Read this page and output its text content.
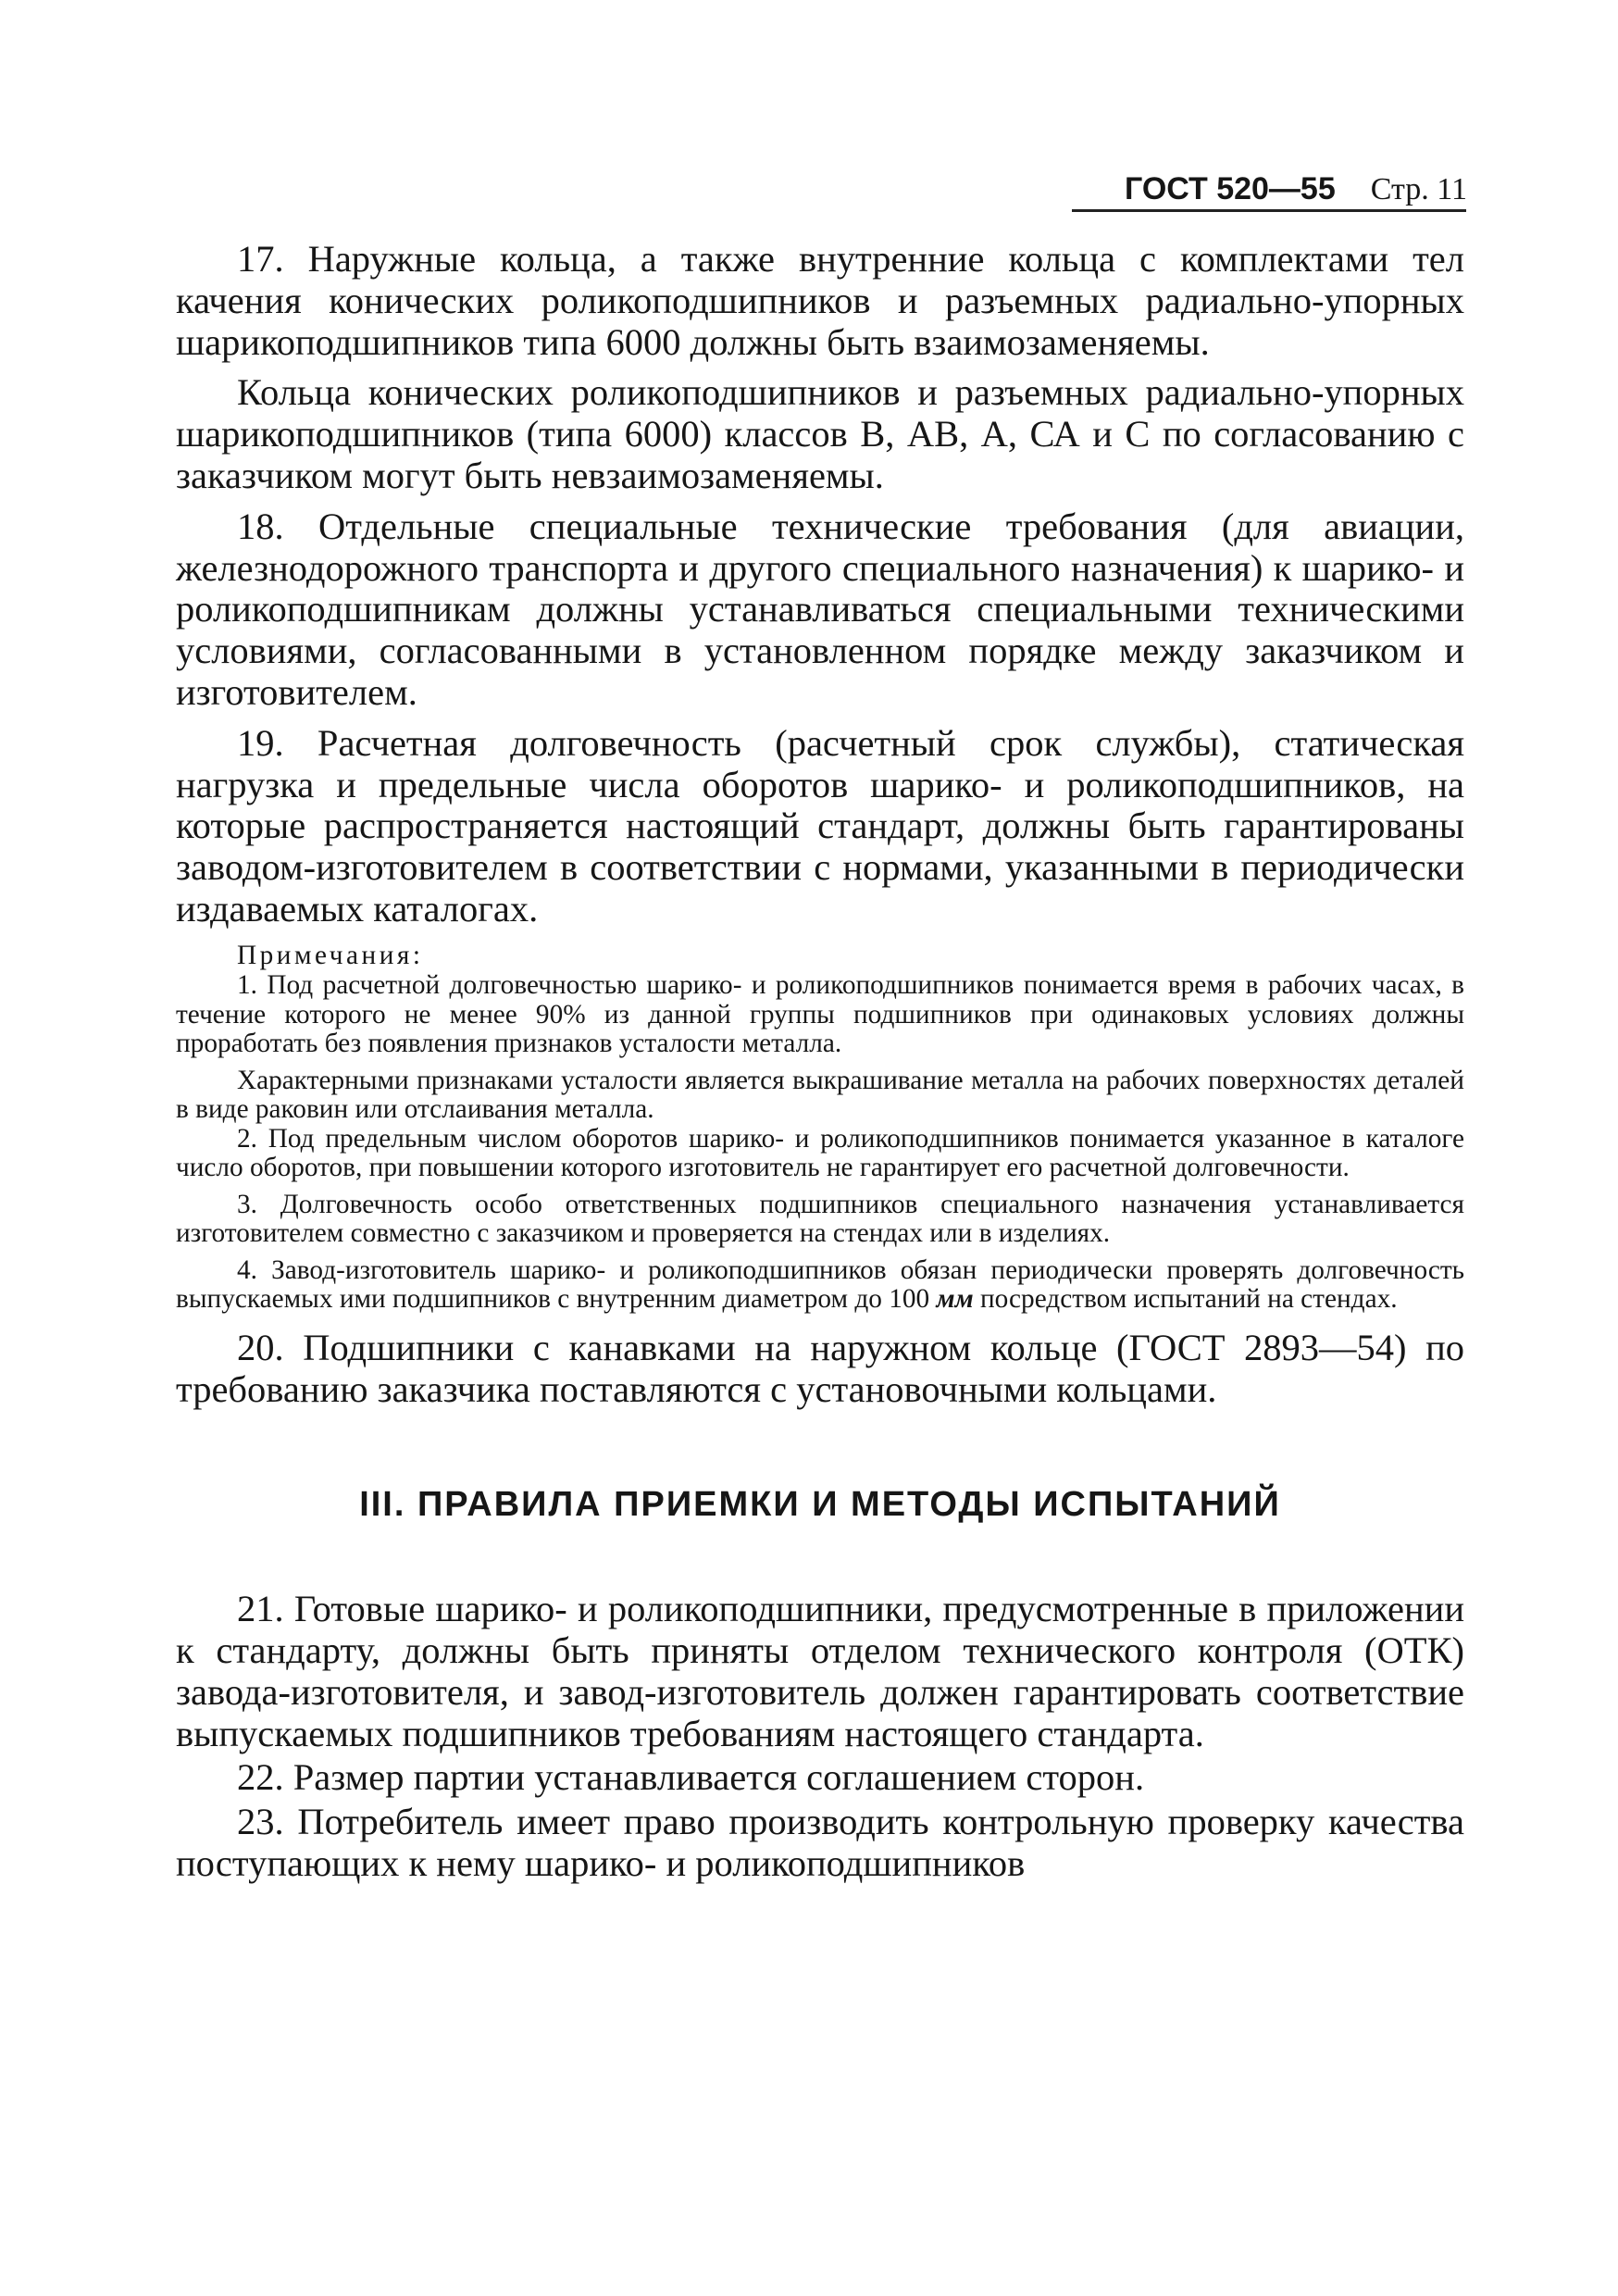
ГОСТ 520—55 Стр. 11

17. Наружные кольца, а также внутренние кольца с комплектами тел качения конических роликоподшипников и разъемных радиально-упорных шарикоподшипников типа 6000 должны быть взаимозаменяемы.

Кольца конических роликоподшипников и разъемных радиально-упорных шарикоподшипников (типа 6000) классов В, АВ, А, СА и С по согласованию с заказчиком могут быть невзаимозаменяемы.

18. Отдельные специальные технические требования (для авиации, железнодорожного транспорта и другого специального назначения) к шарико- и роликоподшипникам должны устанавливаться специальными техническими условиями, согласованными в установленном порядке между заказчиком и изготовителем.

19. Расчетная долговечность (расчетный срок службы), статическая нагрузка и предельные числа оборотов шарико- и роликоподшипников, на которые распространяется настоящий стандарт, должны быть гарантированы заводом-изготовителем в соответствии с нормами, указанными в периодически издаваемых каталогах.

Примечания:

1. Под расчетной долговечностью шарико- и роликоподшипников понимается время в рабочих часах, в течение которого не менее 90% из данной группы подшипников при одинаковых условиях должны проработать без появления признаков усталости металла.

Характерными признаками усталости является выкрашивание металла на рабочих поверхностях деталей в виде раковин или отслаивания металла.

2. Под предельным числом оборотов шарико- и роликоподшипников понимается указанное в каталоге число оборотов, при повышении которого изготовитель не гарантирует его расчетной долговечности.

3. Долговечность особо ответственных подшипников специального назначения устанавливается изготовителем совместно с заказчиком и проверяется на стендах или в изделиях.

4. Завод-изготовитель шарико- и роликоподшипников обязан периодически проверять долговечность выпускаемых ими подшипников с внутренним диаметром до 100 мм посредством испытаний на стендах.

20. Подшипники с канавками на наружном кольце (ГОСТ 2893—54) по требованию заказчика поставляются с установочными кольцами.

III. ПРАВИЛА ПРИЕМКИ И МЕТОДЫ ИСПЫТАНИЙ

21. Готовые шарико- и роликоподшипники, предусмотренные в приложении к стандарту, должны быть приняты отделом технического контроля (ОТК) завода-изготовителя, и завод-изготовитель должен гарантировать соответствие выпускаемых подшипников требованиям настоящего стандарта.

22. Размер партии устанавливается соглашением сторон.

23. Потребитель имеет право производить контрольную проверку качества поступающих к нему шарико- и роликоподшипников
